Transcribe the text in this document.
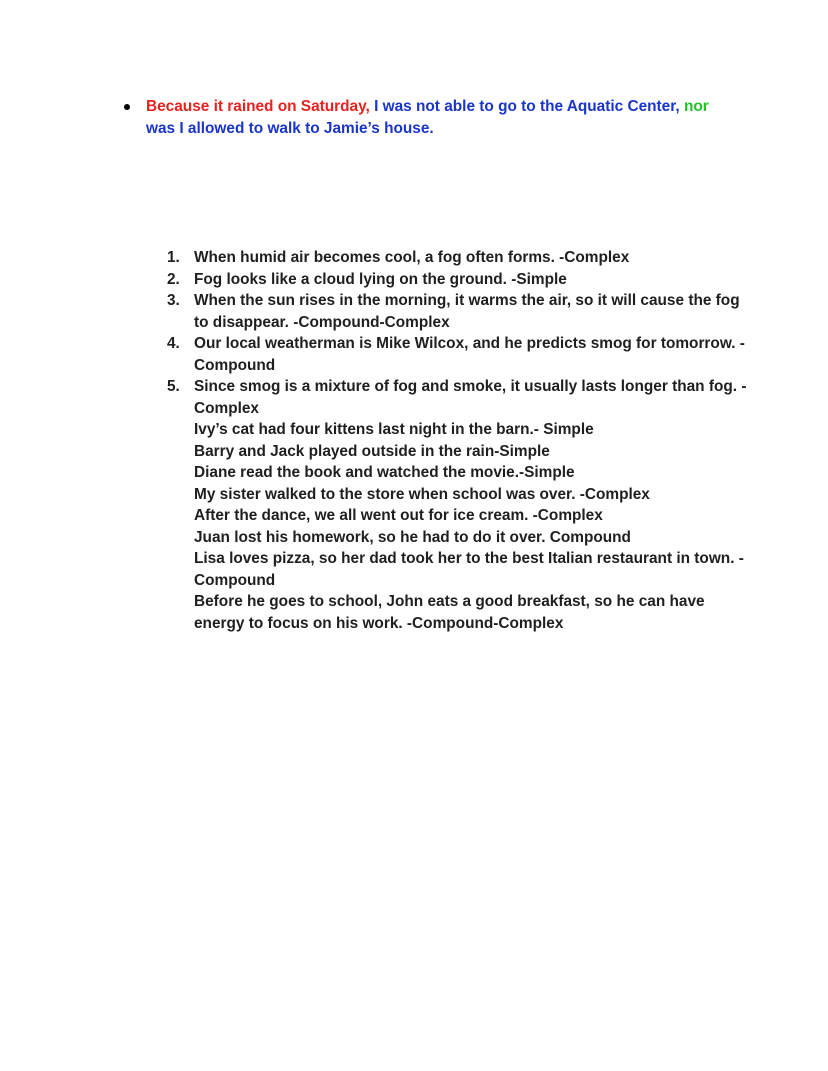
Because it rained on Saturday, I was not able to go to the Aquatic Center, nor was I allowed to walk to Jamie’s house.
1. When humid air becomes cool, a fog often forms. -Complex
2. Fog looks like a cloud lying on the ground. -Simple
3. When the sun rises in the morning, it warms the air, so it will cause the fog to disappear. -Compound-Complex
4. Our local weatherman is Mike Wilcox, and he predicts smog for tomorrow. -Compound
5. Since smog is a mixture of fog and smoke, it usually lasts longer than fog. -Complex
Ivy’s cat had four kittens last night in the barn.- Simple
Barry and Jack played outside in the rain-Simple
Diane read the book and watched the movie.-Simple
My sister walked to the store when school was over. -Complex
After the dance, we all went out for ice cream. -Complex
Juan lost his homework, so he had to do it over. Compound
Lisa loves pizza, so her dad took her to the best Italian restaurant in town. -Compound
Before he goes to school, John eats a good breakfast, so he can have energy to focus on his work. -Compound-Complex
